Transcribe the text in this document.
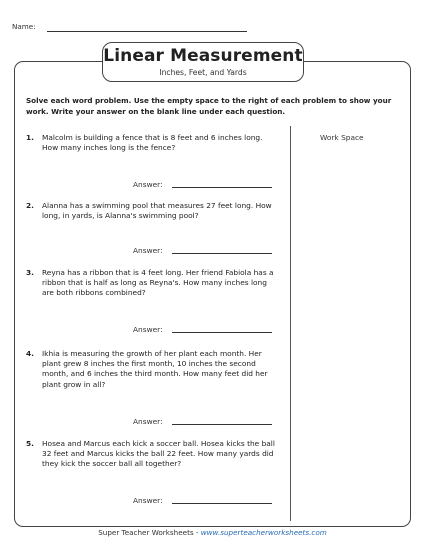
Name:
Linear Measurement
Inches, Feet, and Yards
Solve each word problem. Use the empty space to the right of each problem to show your work. Write your answer on the blank line under each question.
Work Space
1. Malcolm is building a fence that is 8 feet and 6 inches long. How many inches long is the fence?
Answer:
2. Alanna has a swimming pool that measures 27 feet long. How long, in yards, is Alanna's swimming pool?
Answer:
3. Reyna has a ribbon that is 4 feet long. Her friend Fabiola has a ribbon that is half as long as Reyna's. How many inches long are both ribbons combined?
Answer:
4. Ikhia is measuring the growth of her plant each month. Her plant grew 8 inches the first month, 10 inches the second month, and 6 inches the third month. How many feet did her plant grow in all?
Answer:
5. Hosea and Marcus each kick a soccer ball. Hosea kicks the ball 32 feet and Marcus kicks the ball 22 feet. How many yards did they kick the soccer ball all together?
Answer:
Super Teacher Worksheets - www.superteacherworksheets.com
